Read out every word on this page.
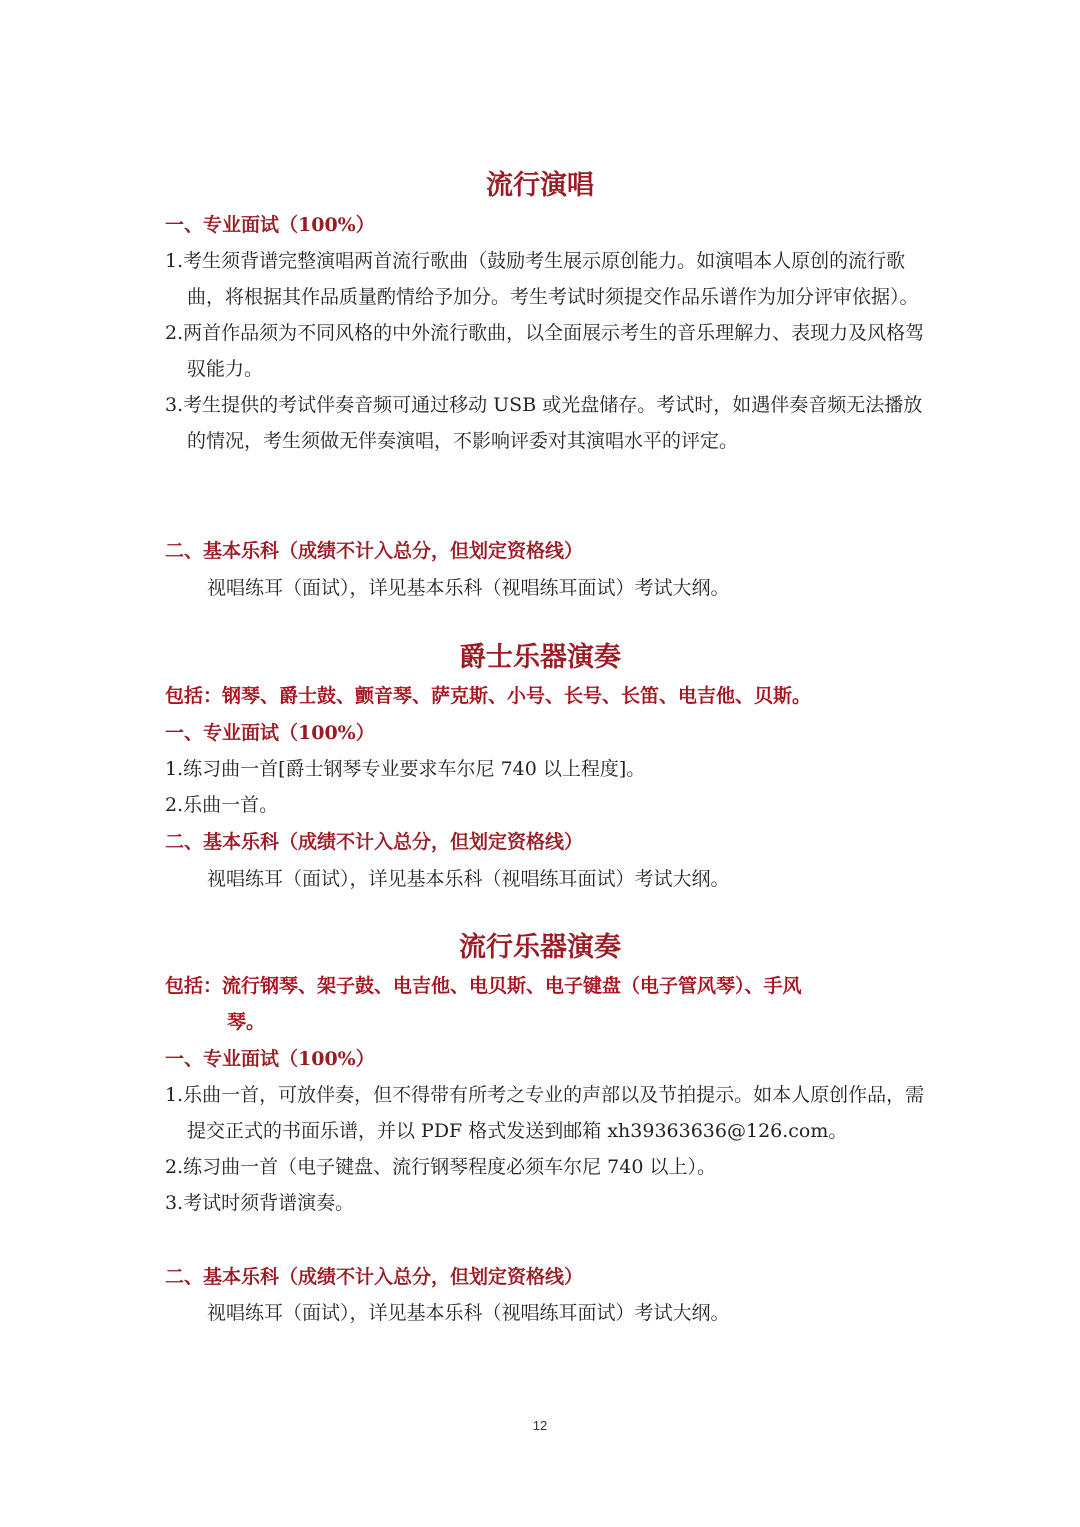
流行演唱
一、专业面试（100%）
1.考生须背谱完整演唱两首流行歌曲（鼓励考生展示原创能力。如演唱本人原创的流行歌曲，将根据其作品质量酌情给予加分。考生考试时须提交作品乐谱作为加分评审依据）。
2.两首作品须为不同风格的中外流行歌曲，以全面展示考生的音乐理解力、表现力及风格驾驭能力。
3.考生提供的考试伴奏音频可通过移动 USB 或光盘储存。考试时，如遇伴奏音频无法播放的情况，考生须做无伴奏演唱，不影响评委对其演唱水平的评定。
二、基本乐科（成绩不计入总分，但划定资格线）
视唱练耳（面试），详见基本乐科（视唱练耳面试）考试大纲。
爵士乐器演奏
包括：钢琴、爵士鼓、颤音琴、萨克斯、小号、长号、长笛、电吉他、贝斯。
一、专业面试（100%）
1.练习曲一首[爵士钢琴专业要求车尔尼 740 以上程度]。
2.乐曲一首。
二、基本乐科（成绩不计入总分，但划定资格线）
视唱练耳（面试），详见基本乐科（视唱练耳面试）考试大纲。
流行乐器演奏
包括：流行钢琴、架子鼓、电吉他、电贝斯、电子键盘（电子管风琴）、手风
琴。
一、专业面试（100%）
1.乐曲一首，可放伴奏，但不得带有所考之专业的声部以及节拍提示。如本人原创作品，需提交正式的书面乐谱，并以 PDF 格式发送到邮箱 xh39363636@126.com。
2.练习曲一首（电子键盘、流行钢琴程度必须车尔尼 740 以上）。
3.考试时须背谱演奏。
二、基本乐科（成绩不计入总分，但划定资格线）
视唱练耳（面试），详见基本乐科（视唱练耳面试）考试大纲。
12
